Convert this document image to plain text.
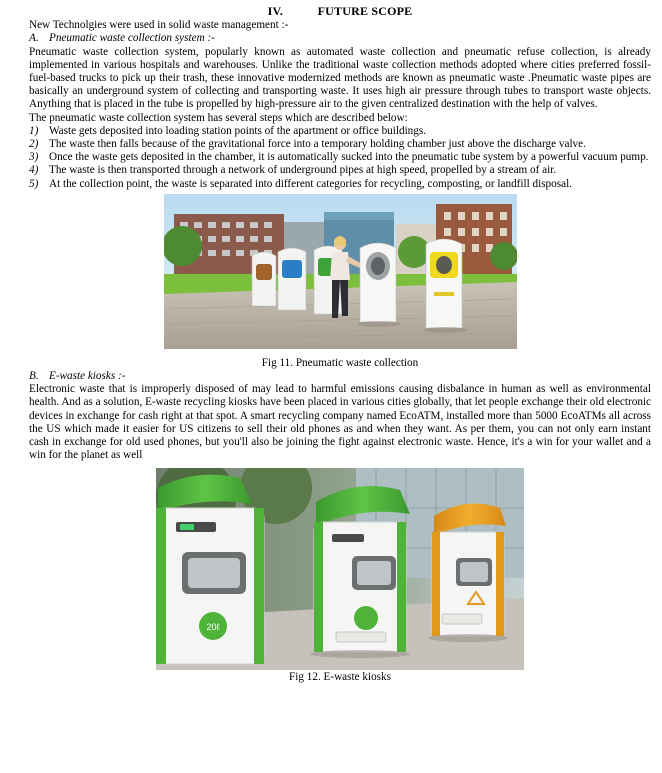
IV.	FUTURE SCOPE

New Technolgies were used in solid waste management :-

A. Pneumatic waste collection system :-

Pneumatic waste collection system, popularly known as automated waste collection and pneumatic refuse collection, is already implemented in various hospitals and warehouses. Unlike the traditional waste collection methods adopted where cities preferred fossil-fuel-based trucks to pick up their trash, these innovative modernized methods are known as pneumatic waste .Pneumatic waste pipes are basically an underground system of collecting and transporting waste. It uses high air pressure through tubes to transport waste objects. Anything that is placed in the tube is propelled by high-pressure air to the given centralized destination with the help of valves.

The pneumatic waste collection system has several steps which are described below:

1) Waste gets deposited into loading station points of the apartment or office buildings.
2) The waste then falls because of the gravitational force into a temporary holding chamber just above the discharge valve.
3) Once the waste gets deposited in the chamber, it is automatically sucked into the pneumatic tube system by a powerful vacuum pump.
4) The waste is then transported through a network of underground pipes at high speed, propelled by a stream of air.
5) At the collection point, the waste is separated into different categories for recycling, composting, or landfill disposal.
Fig 11. Pneumatic waste collection
B. E-waste kiosks :-

Electronic waste that is improperly disposed of may lead to harmful emissions causing disbalance in human as well as environmental health. And as a solution, E-waste recycling kiosks have been placed in various cities globally, that let people exchange their old electronic devices in exchange for cash right at that spot. A smart recycling company named EcoATM, installed more than 5000 EcoATMs all across the US which made it easier for US citizens to sell their old phones as and when they want. As per them, you can not only earn instant cash in exchange for old used phones, but you'll also be joining the fight against electronic waste. Hence, it's a win for your wallet and a win for the planet as well

20ℓ
Fig 12. E-waste kiosks
